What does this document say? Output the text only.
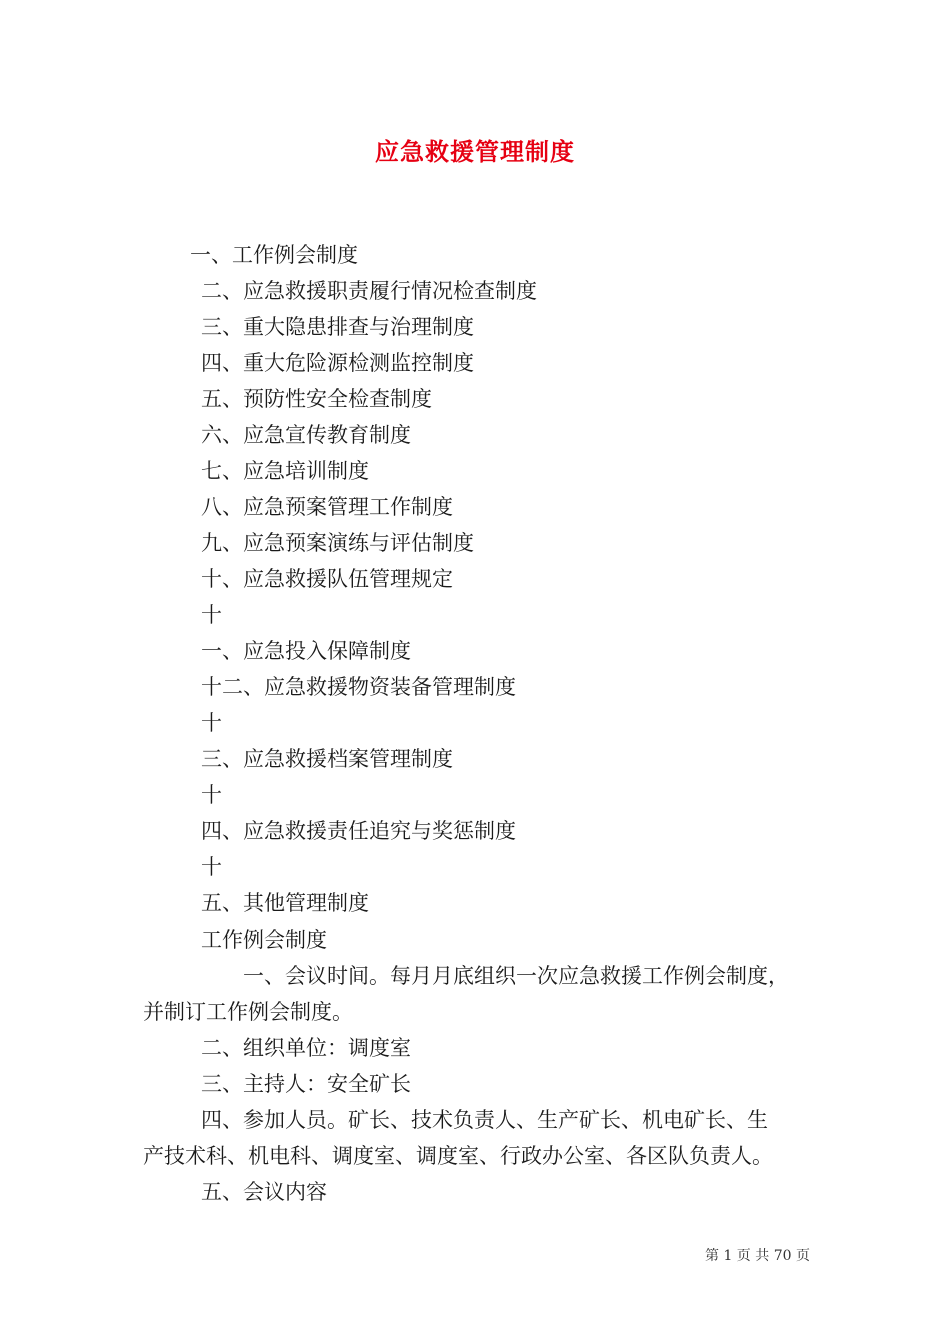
应急救援管理制度
一、工作例会制度
二、应急救援职责履行情况检查制度
三、重大隐患排查与治理制度
四、重大危险源检测监控制度
五、预防性安全检查制度
六、应急宣传教育制度
七、应急培训制度
八、应急预案管理工作制度
九、应急预案演练与评估制度
十、应急救援队伍管理规定
十
一、应急投入保障制度
十二、应急救援物资装备管理制度
十
三、应急救援档案管理制度
十
四、应急救援责任追究与奖惩制度
十
五、其他管理制度
工作例会制度
一、会议时间。每月月底组织一次应急救援工作例会制度，
并制订工作例会制度。
二、组织单位：调度室
三、主持人：安全矿长
四、参加人员。矿长、技术负责人、生产矿长、机电矿长、生
产技术科、机电科、调度室、调度室、行政办公室、各区队负责人。
五、会议内容
第 1 页 共 70 页
